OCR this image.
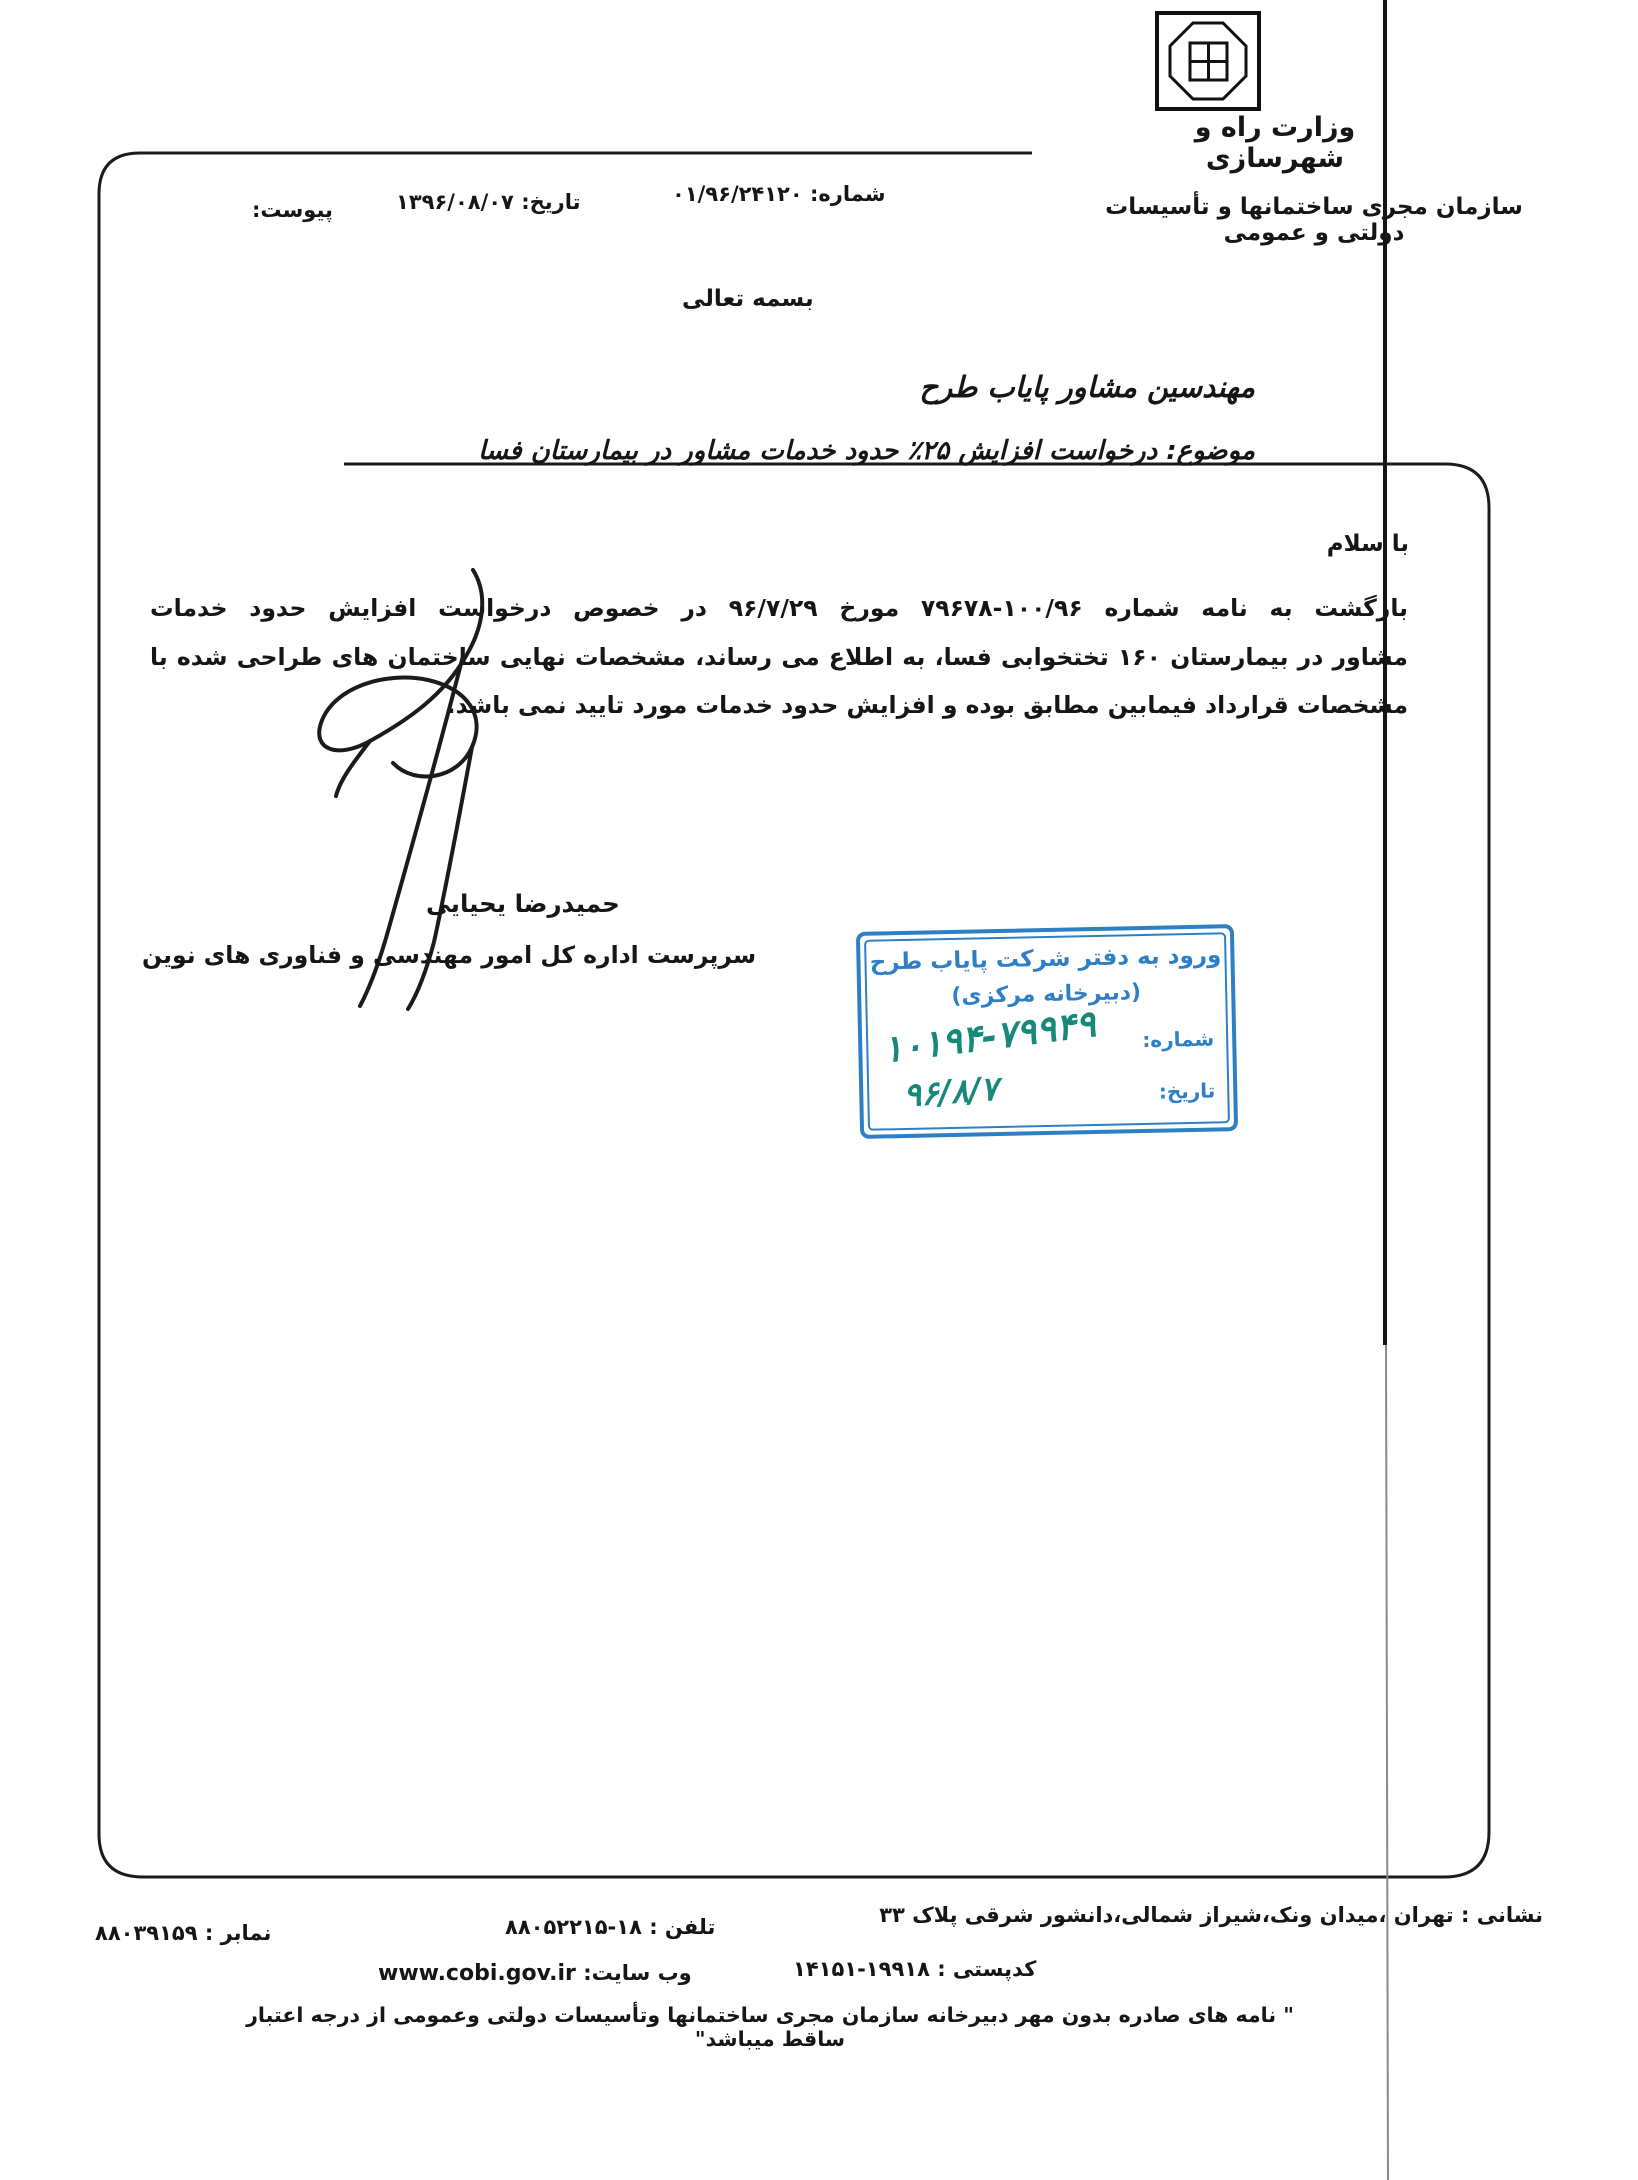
وزارت راه و شهرسازی
سازمان مجری ساختمانها و تأسیسات دولتی و عمومی
شماره: ۰۱/۹۶/۲۴۱۲۰
تاریخ: ۱۳۹۶/۰۸/۰۷
پیوست:
بسمه تعالی
مهندسین مشاور پایاب طرح
موضوع: درخواست افزایش ۲۵٪ حدود خدمات مشاور در بیمارستان فسا
با سلام
بازگشت به نامه شماره ۱۰۰/۹۶-۷۹۶۷۸ مورخ ۹۶/۷/۲۹ در خصوص درخواست افزایش حدود خدمات
مشاور در بیمارستان ۱۶۰ تختخوابی فسا، به اطلاع می رساند، مشخصات نهایی ساختمان های طراحی شده با
مشخصات قرارداد فیمابین مطابق بوده و افزایش حدود خدمات مورد تایید نمی باشد.
حمیدرضا یحیایی
سرپرست اداره کل امور مهندسی و فناوری های نوین	ورود به دفتر شرکت پایاب طرح
(دبیرخانه مرکزی)
شماره:
۱۰۱۹۴-۷۹۹۴۹
تاریخ:
۹۶/۸/۷
نشانی : تهران ،میدان ونک،شیراز شمالی،دانشور شرقی پلاک ۳۳
تلفن : ۸۸۰۵۲۲۱۵-۱۸
نمابر : ۸۸۰۳۹۱۵۹
کدپستی : ۱۴۱۵۱-۱۹۹۱۸
وب سایت: www.cobi.gov.ir
" نامه های صادره بدون مهر دبیرخانه سازمان مجری ساختمانها وتأسیسات دولتی وعمومی از درجه اعتبار ساقط میباشد"
